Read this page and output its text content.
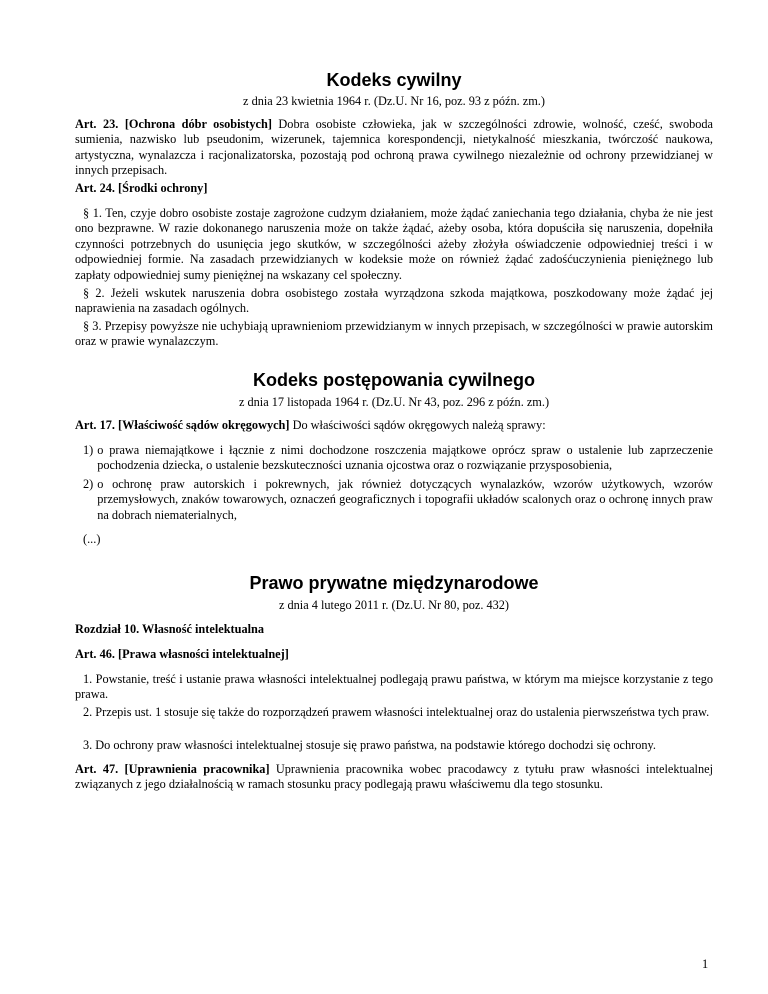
Kodeks cywilny

z dnia 23 kwietnia 1964 r. (Dz.U. Nr 16, poz. 93 z późn. zm.)

Art. 23. [Ochrona dóbr osobistych] Dobra osobiste człowieka, jak w szczególności zdrowie, wolność, cześć, swoboda sumienia, nazwisko lub pseudonim, wizerunek, tajemnica korespondencji, nietykalność mieszkania, twórczość naukowa, artystyczna, wynalazcza i racjonalizatorska, pozostają pod ochroną prawa cywilnego niezależnie od ochrony przewidzianej w innych przepisach.

Art. 24. [Środki ochrony]

§ 1. Ten, czyje dobro osobiste zostaje zagrożone cudzym działaniem, może żądać zaniechania tego działania, chyba że nie jest ono bezprawne. W razie dokonanego naruszenia może on także żądać, ażeby osoba, która dopuściła się naruszenia, dopełniła czynności potrzebnych do usunięcia jego skutków, w szczególności ażeby złożyła oświadczenie odpowiedniej treści i w odpowiedniej formie. Na zasadach przewidzianych w kodeksie może on również żądać zadośćuczynienia pieniężnego lub zapłaty odpowiedniej sumy pieniężnej na wskazany cel społeczny.

§ 2. Jeżeli wskutek naruszenia dobra osobistego została wyrządzona szkoda majątkowa, poszkodowany może żądać jej naprawienia na zasadach ogólnych.

§ 3. Przepisy powyższe nie uchybiają uprawnieniom przewidzianym w innych przepisach, w szczególności w prawie autorskim oraz w prawie wynalazczym.

Kodeks postępowania cywilnego

z dnia 17 listopada 1964 r. (Dz.U. Nr 43, poz. 296 z późn. zm.)

Art. 17. [Właściwość sądów okręgowych] Do właściwości sądów okręgowych należą sprawy:

1) o prawa niemajątkowe i łącznie z nimi dochodzone roszczenia majątkowe oprócz spraw o ustalenie lub zaprzeczenie pochodzenia dziecka, o ustalenie bezskuteczności uznania ojcostwa oraz o rozwiązanie przysposobienia,
2) o ochronę praw autorskich i pokrewnych, jak również dotyczących wynalazków, wzorów użytkowych, wzorów przemysłowych, znaków towarowych, oznaczeń geograficznych i topografii układów scalonych oraz o ochronę innych praw na dobrach niematerialnych,

(...)

Prawo prywatne międzynarodowe

z dnia 4 lutego 2011 r. (Dz.U. Nr 80, poz. 432)

Rozdział 10. Własność intelektualna

Art. 46. [Prawa własności intelektualnej]

1. Powstanie, treść i ustanie prawa własności intelektualnej podlegają prawu państwa, w którym ma miejsce korzystanie z tego prawa.

2. Przepis ust. 1 stosuje się także do rozporządzeń prawem własności intelektualnej oraz do ustalenia pierwszeństwa tych praw.

3. Do ochrony praw własności intelektualnej stosuje się prawo państwa, na podstawie którego dochodzi się ochrony.

Art. 47. [Uprawnienia pracownika] Uprawnienia pracownika wobec pracodawcy z tytułu praw własności intelektualnej związanych z jego działalnością w ramach stosunku pracy podlegają prawu właściwemu dla tego stosunku.

1
